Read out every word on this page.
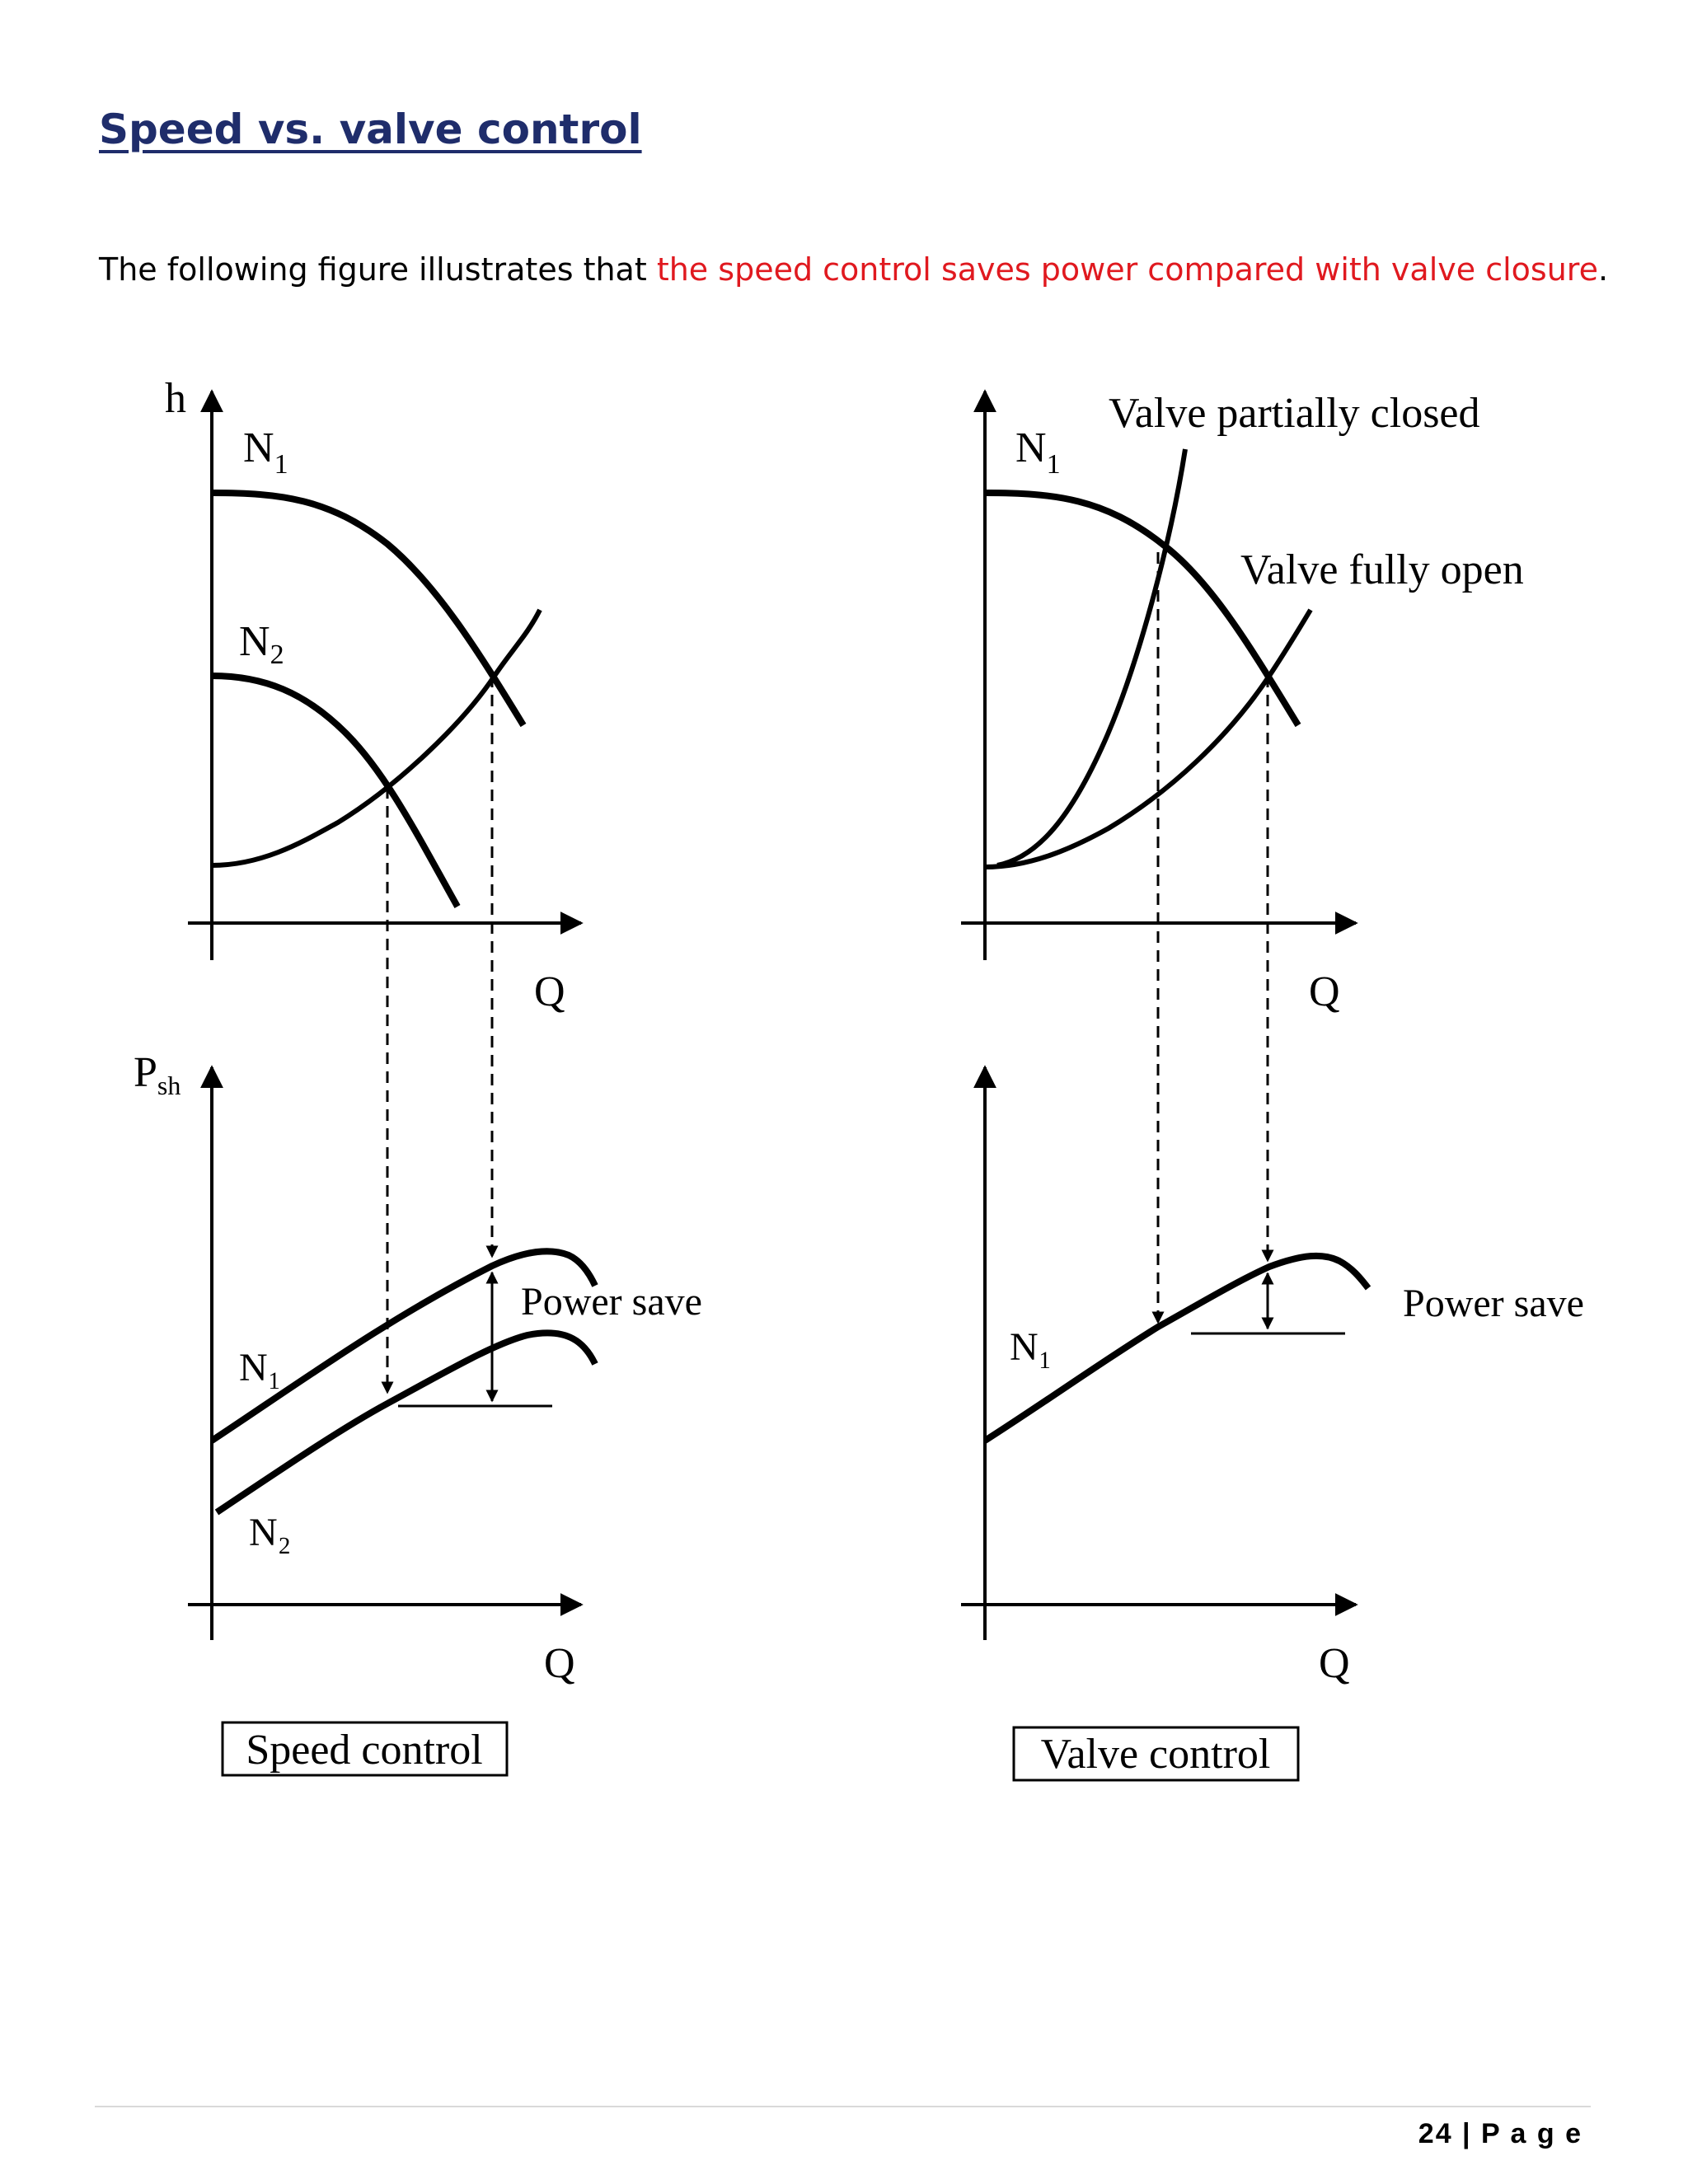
Speed vs. valve control
The following figure illustrates that the speed control saves power compared with valve closure.
h
Q
$N_1$
N2
Psh
Q
Power save
N₁
N₂
Speed control
Q
$N_1$
Valve partially closed
Valve fully open
Q
Power save
N₁
Valve control
24 | P a g e
